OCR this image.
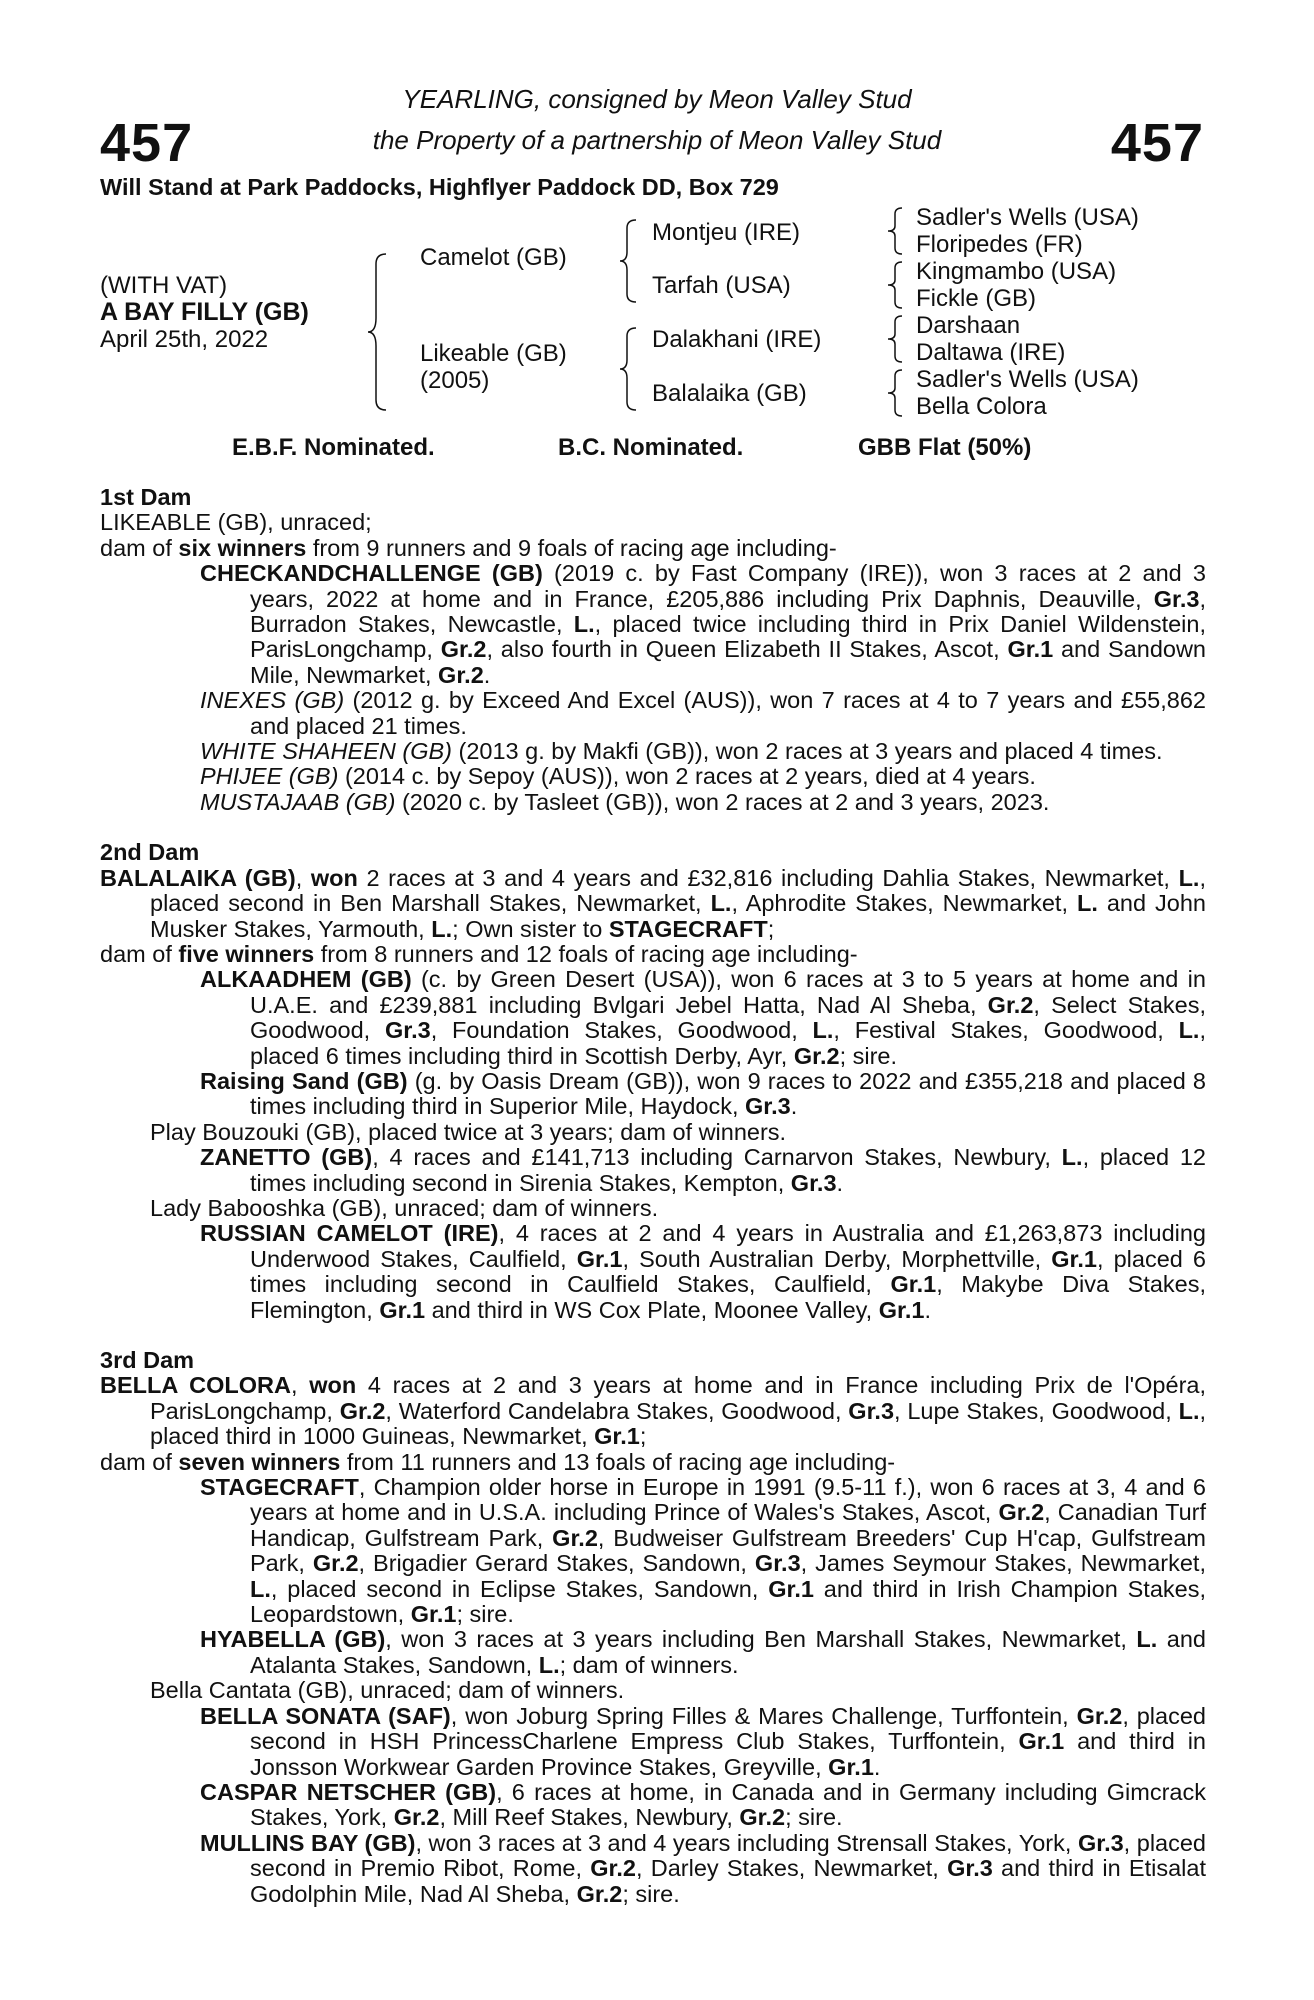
457	457
YEARLING, consigned by Meon Valley Stud
the Property of a partnership of Meon Valley Stud
Will Stand at Park Paddocks, Highflyer Paddock DD, Box 729
(WITH VAT)
A BAY FILLY (GB)
April 25th, 2022
Camelot (GB)
Likeable (GB)
(2005)
Montjeu (IRE)
Tarfah (USA)
Dalakhani (IRE)
Balalaika (GB)
Sadler's Wells (USA)
Floripedes (FR)
Kingmambo (USA)
Fickle (GB)
Darshaan
Daltawa (IRE)
Sadler's Wells (USA)
Bella Colora
E.B.F. Nominated.	B.C. Nominated.	GBB Flat (50%)
1st Dam

LIKEABLE (GB), unraced;

dam of six winners from 9 runners and 9 foals of racing age including-

CHECKANDCHALLENGE (GB) (2019 c. by Fast Company (IRE)), won 3 races at 2 and 3 years, 2022 at home and in France, £205,886 including Prix Daphnis, Deauville, Gr.3, Burradon Stakes, Newcastle, L., placed twice including third in Prix Daniel Wildenstein, ParisLongchamp, Gr.2, also fourth in Queen Elizabeth II Stakes, Ascot, Gr.1 and Sandown Mile, Newmarket, Gr.2.

INEXES (GB) (2012 g. by Exceed And Excel (AUS)), won 7 races at 4 to 7 years and £55,862 and placed 21 times.

WHITE SHAHEEN (GB) (2013 g. by Makfi (GB)), won 2 races at 3 years and placed 4 times.

PHIJEE (GB) (2014 c. by Sepoy (AUS)), won 2 races at 2 years, died at 4 years.

MUSTAJAAB (GB) (2020 c. by Tasleet (GB)), won 2 races at 2 and 3 years, 2023.

2nd Dam

BALALAIKA (GB), won 2 races at 3 and 4 years and £32,816 including Dahlia Stakes, Newmarket, L., placed second in Ben Marshall Stakes, Newmarket, L., Aphrodite Stakes, Newmarket, L. and John Musker Stakes, Yarmouth, L.; Own sister to STAGECRAFT;

dam of five winners from 8 runners and 12 foals of racing age including-

ALKAADHEM (GB) (c. by Green Desert (USA)), won 6 races at 3 to 5 years at home and in U.A.E. and £239,881 including Bvlgari Jebel Hatta, Nad Al Sheba, Gr.2, Select Stakes, Goodwood, Gr.3, Foundation Stakes, Goodwood, L., Festival Stakes, Goodwood, L., placed 6 times including third in Scottish Derby, Ayr, Gr.2; sire.

Raising Sand (GB) (g. by Oasis Dream (GB)), won 9 races to 2022 and £355,218 and placed 8 times including third in Superior Mile, Haydock, Gr.3.

Play Bouzouki (GB), placed twice at 3 years; dam of winners.

ZANETTO (GB), 4 races and £141,713 including Carnarvon Stakes, Newbury, L., placed 12 times including second in Sirenia Stakes, Kempton, Gr.3.

Lady Babooshka (GB), unraced; dam of winners.

RUSSIAN CAMELOT (IRE), 4 races at 2 and 4 years in Australia and £1,263,873 including Underwood Stakes, Caulfield, Gr.1, South Australian Derby, Morphettville, Gr.1, placed 6 times including second in Caulfield Stakes, Caulfield, Gr.1, Makybe Diva Stakes, Flemington, Gr.1 and third in WS Cox Plate, Moonee Valley, Gr.1.

3rd Dam

BELLA COLORA, won 4 races at 2 and 3 years at home and in France including Prix de l'Opéra, ParisLongchamp, Gr.2, Waterford Candelabra Stakes, Goodwood, Gr.3, Lupe Stakes, Goodwood, L., placed third in 1000 Guineas, Newmarket, Gr.1;

dam of seven winners from 11 runners and 13 foals of racing age including-

STAGECRAFT, Champion older horse in Europe in 1991 (9.5-11 f.), won 6 races at 3, 4 and 6 years at home and in U.S.A. including Prince of Wales's Stakes, Ascot, Gr.2, Canadian Turf Handicap, Gulfstream Park, Gr.2, Budweiser Gulfstream Breeders' Cup H'cap, Gulfstream Park, Gr.2, Brigadier Gerard Stakes, Sandown, Gr.3, James Seymour Stakes, Newmarket, L., placed second in Eclipse Stakes, Sandown, Gr.1 and third in Irish Champion Stakes, Leopardstown, Gr.1; sire.

HYABELLA (GB), won 3 races at 3 years including Ben Marshall Stakes, Newmarket, L. and Atalanta Stakes, Sandown, L.; dam of winners.

Bella Cantata (GB), unraced; dam of winners.

BELLA SONATA (SAF), won Joburg Spring Filles & Mares Challenge, Turffontein, Gr.2, placed second in HSH PrincessCharlene Empress Club Stakes, Turffontein, Gr.1 and third in Jonsson Workwear Garden Province Stakes, Greyville, Gr.1.

CASPAR NETSCHER (GB), 6 races at home, in Canada and in Germany including Gimcrack Stakes, York, Gr.2, Mill Reef Stakes, Newbury, Gr.2; sire.

MULLINS BAY (GB), won 3 races at 3 and 4 years including Strensall Stakes, York, Gr.3, placed second in Premio Ribot, Rome, Gr.2, Darley Stakes, Newmarket, Gr.3 and third in Etisalat Godolphin Mile, Nad Al Sheba, Gr.2; sire.
